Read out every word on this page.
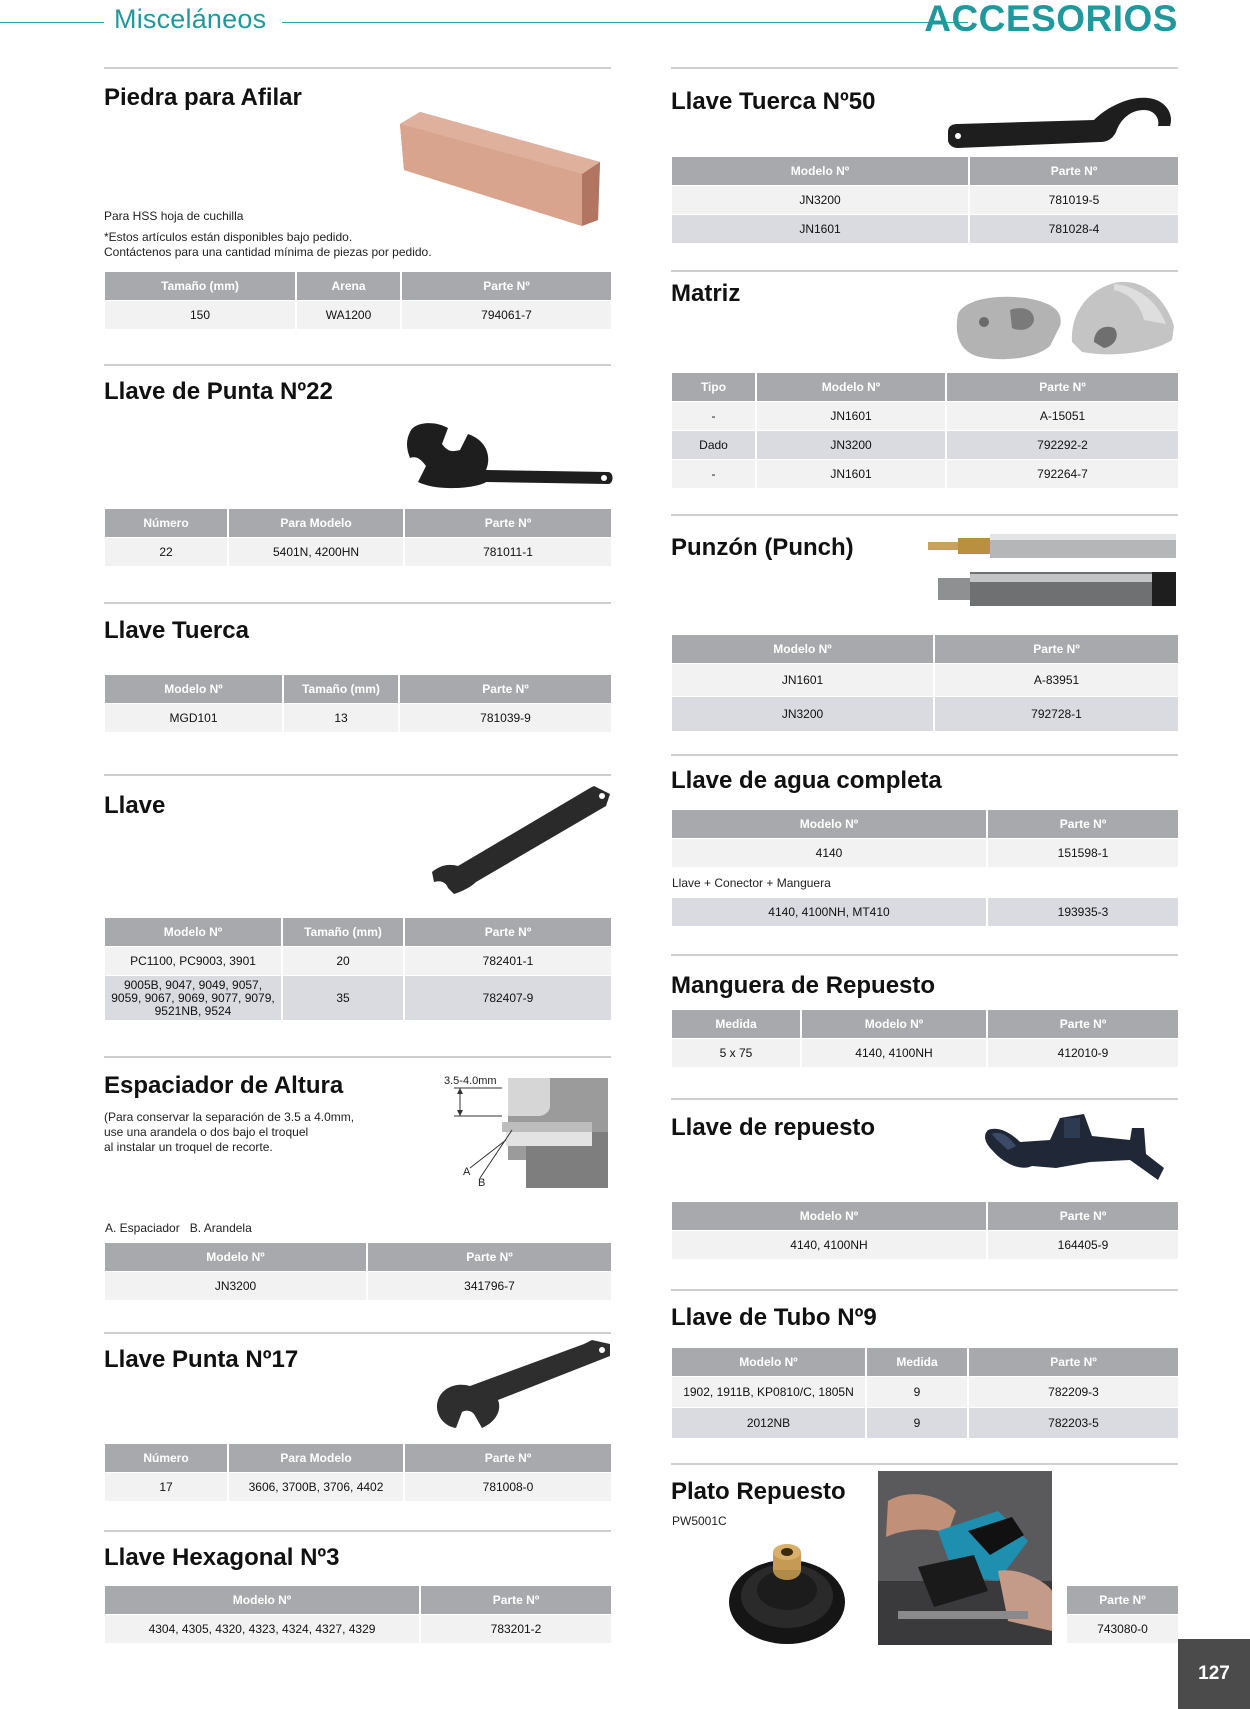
Misceláneos	ACCESORIOS
Piedra para Afilar
Para HSS hoja de cuchilla
*Estos artículos están disponibles bajo pedido.
Contáctenos para una cantidad mínima de piezas por pedido.
Tamaño (mm)	Arena	Parte Nº
150	WA1200	794061-7
Llave de Punta Nº22
Número	Para Modelo	Parte Nº
22	5401N, 4200HN	781011-1
Llave Tuerca
Modelo Nº	Tamaño (mm)	Parte Nº
MGD101	13	781039-9
Llave
Modelo Nº	Tamaño (mm)	Parte Nº
PC1100, PC9003, 3901	20	782401-1
9005B, 9047, 9049, 9057, 9059, 9067, 9069, 9077, 9079, 9521NB, 9524	35	782407-9
Espaciador de Altura
(Para conservar la separación de 3.5 a 4.0mm,
use una arandela o dos bajo el troquel
al instalar un troquel de recorte.
3.5-4.0mm
A
B
A. Espaciador   B. Arandela
Modelo Nº	Parte Nº
JN3200	341796-7
Llave Punta Nº17
Número	Para Modelo	Parte Nº
17	3606, 3700B, 3706, 4402	781008-0
Llave Hexagonal Nº3
Modelo Nº	Parte Nº
4304, 4305, 4320, 4323, 4324, 4327, 4329	783201-2
Llave Tuerca Nº50
Modelo Nº	Parte Nº
JN3200	781019-5
JN1601	781028-4
Matriz
Tipo	Modelo Nº	Parte Nº
-	JN1601	A-15051
Dado	JN3200	792292-2
-	JN1601	792264-7
Punzón (Punch)
Modelo Nº	Parte Nº
JN1601	A-83951
JN3200	792728-1
Llave de agua completa
Modelo Nº	Parte Nº
4140	151598-1
Llave + Conector + Manguera
4140, 4100NH, MT410	193935-3
Manguera de Repuesto
Medida	Modelo Nº	Parte Nº
5 x 75	4140, 4100NH	412010-9
Llave de repuesto
Modelo Nº	Parte Nº
4140, 4100NH	164405-9
Llave de Tubo Nº9
Modelo Nº	Medida	Parte Nº
1902, 1911B, KP0810/C, 1805N	9	782209-3
2012NB	9	782203-5
Plato Repuesto
PW5001C
Parte Nº
743080-0
127
